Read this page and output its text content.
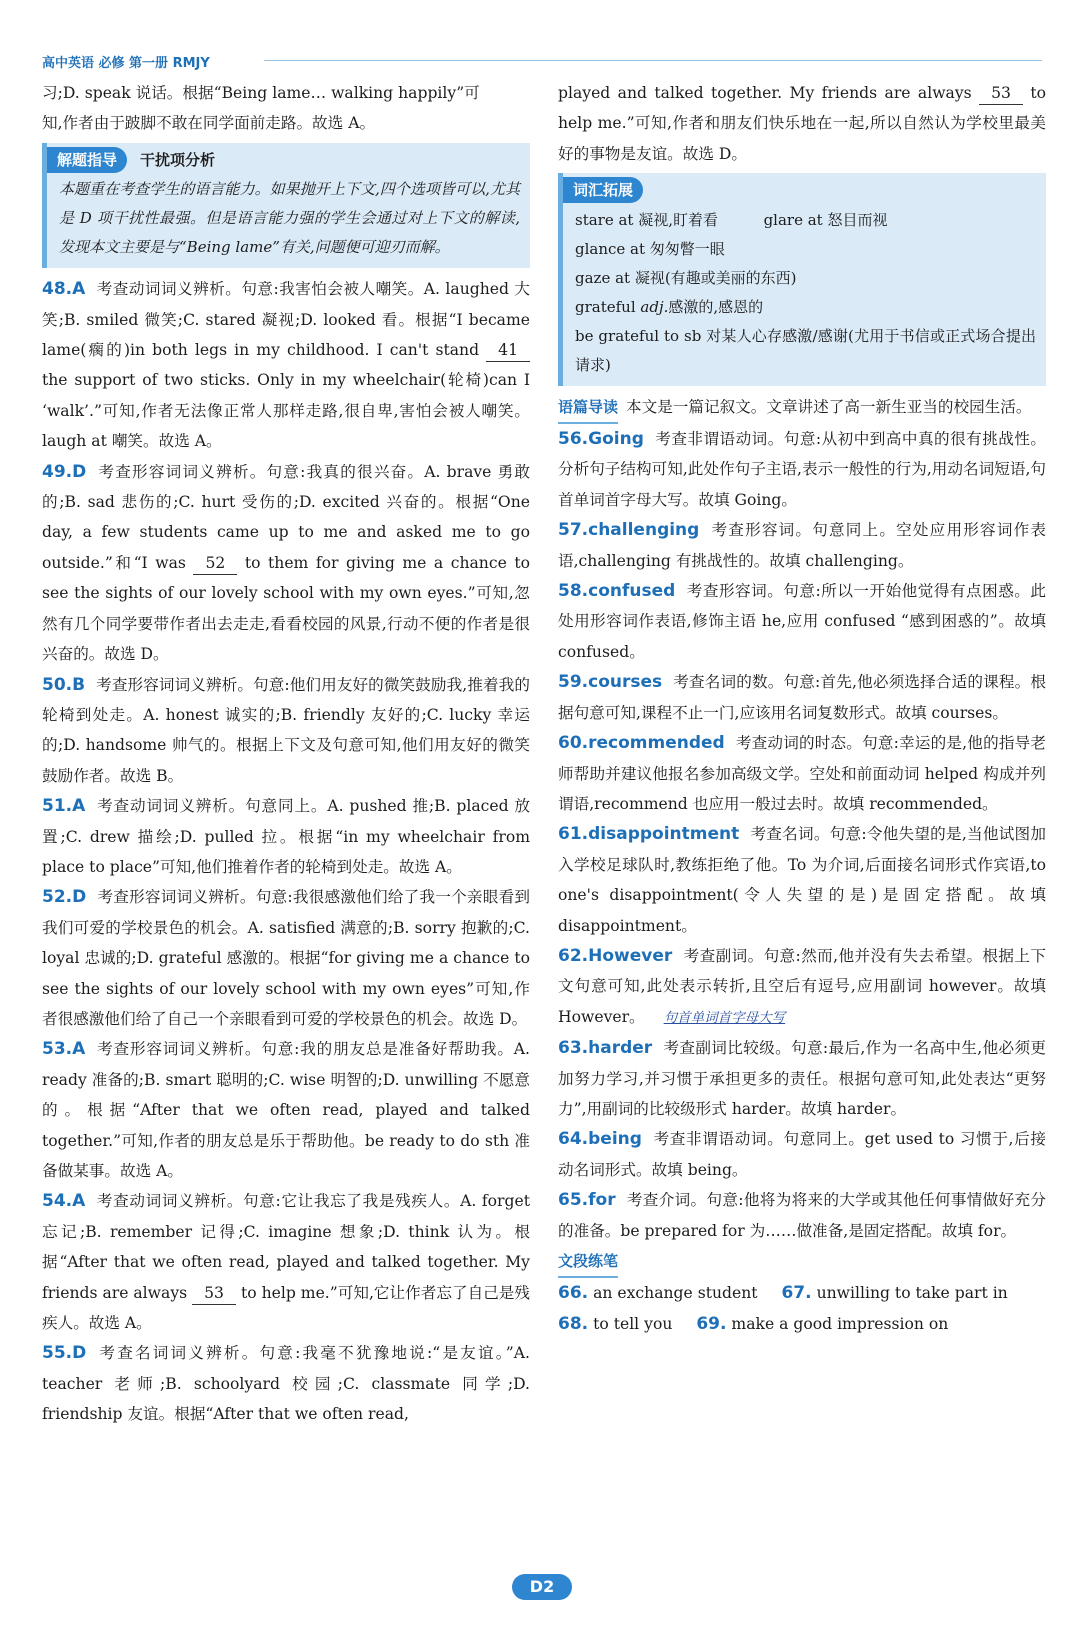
高中英语 必修 第一册 RMJY

习;D. speak 说话。根据“Being lame… walking happily”可

知,作者由于跛脚不敢在同学面前走路。故选 A。

解题指导 干扰项分析

本题重在考查学生的语言能力。如果抛开上下文,四个选项皆可以,尤其是 D 项干扰性最强。但是语言能力强的学生会通过对上下文的解读,发现本文主要是与“Being lame”有关,问题便可迎刃而解。

48.A 考查动词词义辨析。句意:我害怕会被人嘲笑。A. laughed 大笑;B. smiled 微笑;C. stared 凝视;D. looked 看。根据“I became lame(瘸的)in both legs in my childhood. I can't stand 41 the support of two sticks. Only in my wheelchair(轮椅)can I ‘walk’.”可知,作者无法像正常人那样走路,很自卑,害怕会被人嘲笑。laugh at 嘲笑。故选 A。

49.D 考查形容词词义辨析。句意:我真的很兴奋。A. brave 勇敢的;B. sad 悲伤的;C. hurt 受伤的;D. excited 兴奋的。根据“One day, a few students came up to me and asked me to go outside.”和“I was 52 to them for giving me a chance to see the sights of our lovely school with my own eyes.”可知,忽然有几个同学要带作者出去走走,看看校园的风景,行动不便的作者是很兴奋的。故选 D。

50.B 考查形容词词义辨析。句意:他们用友好的微笑鼓励我,推着我的轮椅到处走。A. honest 诚实的;B. friendly 友好的;C. lucky 幸运的;D. handsome 帅气的。根据上下文及句意可知,他们用友好的微笑鼓励作者。故选 B。

51.A 考查动词词义辨析。句意同上。A. pushed 推;B. placed 放置;C. drew 描绘;D. pulled 拉。根据“in my wheelchair from place to place”可知,他们推着作者的轮椅到处走。故选 A。

52.D 考查形容词词义辨析。句意:我很感激他们给了我一个亲眼看到我们可爱的学校景色的机会。A. satisfied 满意的;B. sorry 抱歉的;C. loyal 忠诚的;D. grateful 感激的。根据“for giving me a chance to see the sights of our lovely school with my own eyes”可知,作者很感激他们给了自己一个亲眼看到可爱的学校景色的机会。故选 D。

53.A 考查形容词词义辨析。句意:我的朋友总是准备好帮助我。A. ready 准备的;B. smart 聪明的;C. wise 明智的;D. unwilling 不愿意的。根据“After that we often read, played and talked together.”可知,作者的朋友总是乐于帮助他。be ready to do sth 准备做某事。故选 A。

54.A 考查动词词义辨析。句意:它让我忘了我是残疾人。A. forget 忘记;B. remember 记得;C. imagine 想象;D. think 认为。根据“After that we often read, played and talked together. My friends are always 53 to help me.”可知,它让作者忘了自己是残疾人。故选 A。

55.D 考查名词词义辨析。句意:我毫不犹豫地说:“是友谊。”A. teacher 老师;B. schoolyard 校园;C. classmate 同学;D. friendship 友谊。根据“After that we often read,

played and talked together. My friends are always 53 to help me.”可知,作者和朋友们快乐地在一起,所以自然认为学校里最美好的事物是友谊。故选 D。

词汇拓展

stare at 凝视,盯着看	glare at 怒目而视

glance at 匆匆瞥一眼

gaze at 凝视(有趣或美丽的东西)

grateful adj.感激的,感恩的

be grateful to sb 对某人心存感激/感谢(尤用于书信或正式场合提出请求)

语篇导读 本文是一篇记叙文。文章讲述了高一新生亚当的校园生活。

56.Going 考查非谓语动词。句意:从初中到高中真的很有挑战性。分析句子结构可知,此处作句子主语,表示一般性的行为,用动名词短语,句首单词首字母大写。故填 Going。

57.challenging 考查形容词。句意同上。空处应用形容词作表语,challenging 有挑战性的。故填 challenging。

58.confused 考查形容词。句意:所以一开始他觉得有点困惑。此处用形容词作表语,修饰主语 he,应用 confused “感到困惑的”。故填 confused。

59.courses 考查名词的数。句意:首先,他必须选择合适的课程。根据句意可知,课程不止一门,应该用名词复数形式。故填 courses。

60.recommended 考查动词的时态。句意:幸运的是,他的指导老师帮助并建议他报名参加高级文学。空处和前面动词 helped 构成并列谓语,recommend 也应用一般过去时。故填 recommended。

61.disappointment 考查名词。句意:令他失望的是,当他试图加入学校足球队时,教练拒绝了他。To 为介词,后面接名词形式作宾语,to one's disappointment(令人失望的是)是固定搭配。故填 disappointment。

62.However 考查副词。句意:然而,他并没有失去希望。根据上下文句意可知,此处表示转折,且空后有逗号,应用副词 however。故填 However。 句首单词首字母大写

63.harder 考查副词比较级。句意:最后,作为一名高中生,他必须更加努力学习,并习惯于承担更多的责任。根据句意可知,此处表达“更努力”,用副词的比较级形式 harder。故填 harder。

64.being 考查非谓语动词。句意同上。get used to 习惯于,后接动名词形式。故填 being。

65.for 考查介词。句意:他将为将来的大学或其他任何事情做好充分的准备。be prepared for 为……做准备,是固定搭配。故填 for。

文段练笔

66. an exchange student 67. unwilling to take part in

68. to tell you 69. make a good impression on

D2
